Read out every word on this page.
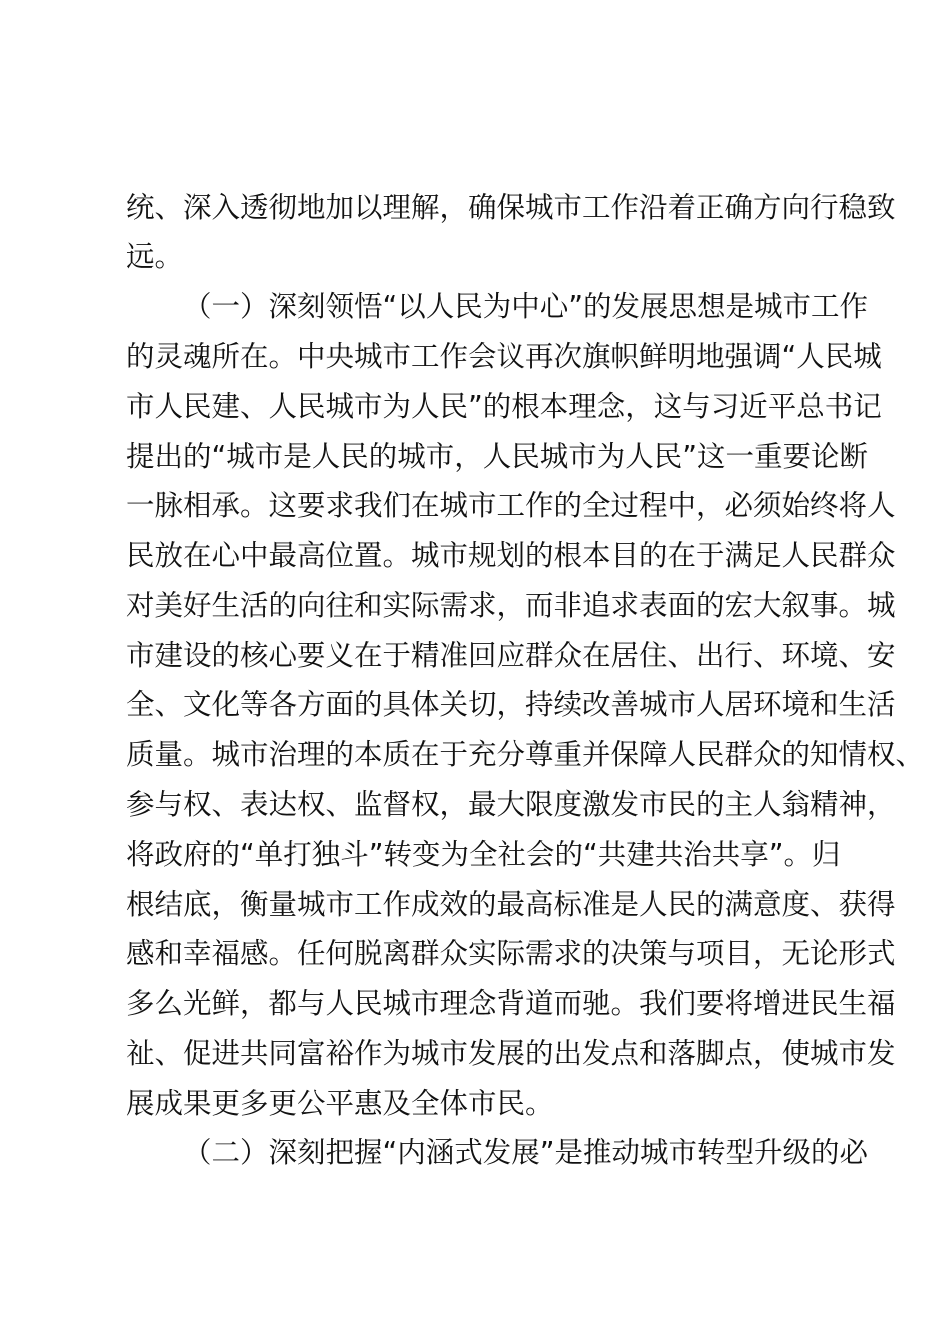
统、深入透彻地加以理解，确保城市工作沿着正确方向行稳致
远。
（一）深刻领悟“以人民为中心”的发展思想是城市工作
的灵魂所在。中央城市工作会议再次旗帜鲜明地强调“人民城
市人民建、人民城市为人民”的根本理念，这与习近平总书记
提出的“城市是人民的城市，人民城市为人民”这一重要论断
一脉相承。这要求我们在城市工作的全过程中，必须始终将人
民放在心中最高位置。城市规划的根本目的在于满足人民群众
对美好生活的向往和实际需求，而非追求表面的宏大叙事。城
市建设的核心要义在于精准回应群众在居住、出行、环境、安
全、文化等各方面的具体关切，持续改善城市人居环境和生活
质量。城市治理的本质在于充分尊重并保障人民群众的知情权、
参与权、表达权、监督权，最大限度激发市民的主人翁精神，
将政府的“单打独斗”转变为全社会的“共建共治共享”。归
根结底，衡量城市工作成效的最高标准是人民的满意度、获得
感和幸福感。任何脱离群众实际需求的决策与项目，无论形式
多么光鲜，都与人民城市理念背道而驰。我们要将增进民生福
祉、促进共同富裕作为城市发展的出发点和落脚点，使城市发
展成果更多更公平惠及全体市民。
（二）深刻把握“内涵式发展”是推动城市转型升级的必
